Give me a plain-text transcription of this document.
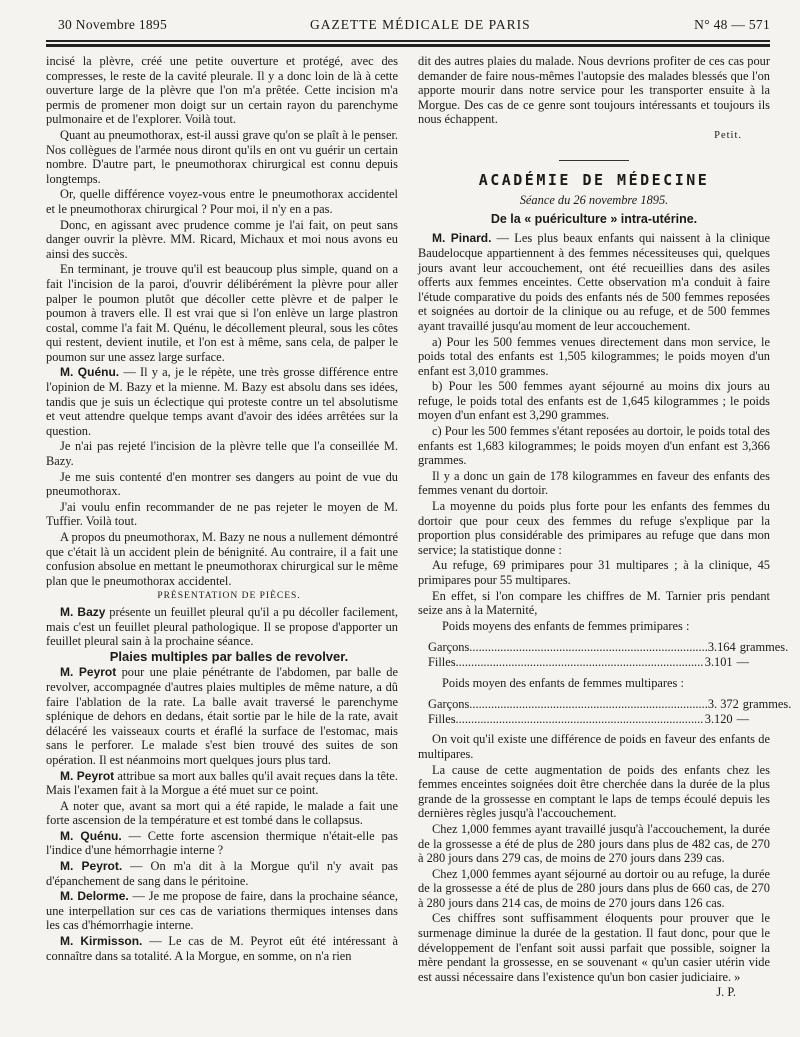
30 Novembre 1895	GAZETTE MÉDICALE DE PARIS	N° 48 — 571

incisé la plèvre, créé une petite ouverture et protégé, avec des compresses, le reste de la cavité pleurale. Il y a donc loin de là à cette ouverture large de la plèvre que l'on m'a prêtée. Cette incision m'a permis de promener mon doigt sur un certain rayon du parenchyme pulmonaire et de l'explorer. Voilà tout.

Quant au pneumothorax, est-il aussi grave qu'on se plaît à le penser. Nos collègues de l'armée nous diront qu'ils en ont vu guérir un certain nombre. D'autre part, le pneumothorax chirurgical est connu depuis longtemps.

Or, quelle différence voyez-vous entre le pneumothorax accidentel et le pneumothorax chirurgical ? Pour moi, il n'y en a pas.

Donc, en agissant avec prudence comme je l'ai fait, on peut sans danger ouvrir la plèvre. MM. Ricard, Michaux et moi nous avons eu ainsi des succès.

En terminant, je trouve qu'il est beaucoup plus simple, quand on a fait l'incision de la paroi, d'ouvrir délibérément la plèvre pour aller palper le poumon plutôt que décoller cette plèvre et de palper le poumon à travers elle. Il est vrai que si l'on enlève un large plastron costal, comme l'a fait M. Quénu, le décollement pleural, sous les côtes qui restent, devient inutile, et l'on est à même, sans cela, de palper le poumon sur une assez large surface.

M. Quénu. — Il y a, je le répète, une très grosse différence entre l'opinion de M. Bazy et la mienne. M. Bazy est absolu dans ses idées, tandis que je suis un éclectique qui proteste contre un tel absolutisme et veut attendre quelque temps avant d'avoir des idées arrêtées sur la question.

Je n'ai pas rejeté l'incision de la plèvre telle que l'a conseillée M. Bazy.

Je me suis contenté d'en montrer ses dangers au point de vue du pneumothorax.

J'ai voulu enfin recommander de ne pas rejeter le moyen de M. Tuffier. Voilà tout.

A propos du pneumothorax, M. Bazy ne nous a nullement démontré que c'était là un accident plein de bénignité. Au contraire, il a fait une confusion absolue en mettant le pneumothorax chirurgical sur le même plan que le pneumothorax accidentel.

PRÉSENTATION DE PIÈCES.

M. Bazy présente un feuillet pleural qu'il a pu décoller facilement, mais c'est un feuillet pleural pathologique. Il se propose d'apporter un feuillet pleural sain à la prochaine séance.

Plaies multiples par balles de revolver.

M. Peyrot pour une plaie pénétrante de l'abdomen, par balle de revolver, accompagnée d'autres plaies multiples de même nature, a dû faire l'ablation de la rate. La balle avait traversé le parenchyme splénique de dehors en dedans, était sortie par le hile de la rate, avait délacéré les vaisseaux courts et éraflé la surface de l'estomac, mais sans le perforer. Le malade s'est bien trouvé des suites de son opération. Il est néanmoins mort quelques jours plus tard.

M. Peyrot attribue sa mort aux balles qu'il avait reçues dans la tête. Mais l'examen fait à la Morgue a été muet sur ce point.

A noter que, avant sa mort qui a été rapide, le malade a fait une forte ascension de la température et est tombé dans le collapsus.

M. Quénu. — Cette forte ascension thermique n'était-elle pas l'indice d'une hémorrhagie interne ?

M. Peyrot. — On m'a dit à la Morgue qu'il n'y avait pas d'épanchement de sang dans le péritoine.

M. Delorme. — Je me propose de faire, dans la prochaine séance, une interpellation sur ces cas de variations thermiques intenses dans les cas d'hémorrhagie interne.

M. Kirmisson. — Le cas de M. Peyrot eût été intéressant à connaître dans sa totalité. A la Morgue, en somme, on n'a rien

dit des autres plaies du malade. Nous devrions profiter de ces cas pour demander de faire nous-mêmes l'autopsie des malades blessés que l'on apporte mourir dans notre service pour les transporter ensuite à la Morgue. Des cas de ce genre sont toujours intéressants et toujours ils nous échappent.

Petit.
ACADÉMIE DE MÉDECINE
Séance du 26 novembre 1895.
De la « puériculture » intra-utérine.

M. Pinard. — Les plus beaux enfants qui naissent à la clinique Baudelocque appartiennent à des femmes nécessiteuses qui, quelques jours avant leur accouchement, ont été recueillies dans des asiles offerts aux femmes enceintes. Cette observation m'a conduit à faire l'étude comparative du poids des enfants nés de 500 femmes reposées et soignées au dortoir de la clinique ou au refuge, et de 500 femmes ayant travaillé jusqu'au moment de leur accouchement.

a) Pour les 500 femmes venues directement dans mon service, le poids total des enfants est 1,505 kilogrammes; le poids moyen d'un enfant est 3,010 grammes.

b) Pour les 500 femmes ayant séjourné au moins dix jours au refuge, le poids total des enfants est de 1,645 kilogrammes ; le poids moyen d'un enfant est 3,290 grammes.

c) Pour les 500 femmes s'étant reposées au dortoir, le poids total des enfants est 1,683 kilogrammes; le poids moyen d'un enfant est 3,366 grammes.

Il y a donc un gain de 178 kilogrammes en faveur des enfants des femmes venant du dortoir.

La moyenne du poids plus forte pour les enfants des femmes du dortoir que pour ceux des femmes du refuge s'explique par la proportion plus considérable des primipares au refuge que dans mon service; la statistique donne :

Au refuge, 69 primipares pour 31 multipares ; à la clinique, 45 primipares pour 55 multipares.

En effet, si l'on compare les chiffres de M. Tarnier pris pendant seize ans à la Maternité,

Poids moyens des enfants de femmes primipares :

Garçons............................................................................. 3.164 grammes.
Filles................................................................................ 3.101 —

Poids moyen des enfants de femmes multipares :

Garçons............................................................................. 3. 372 grammes.
Filles................................................................................ 3.120 —

On voit qu'il existe une différence de poids en faveur des enfants de multipares.

La cause de cette augmentation de poids des enfants chez les femmes enceintes soignées doit être cherchée dans la durée de la plus grande de la grossesse en comptant le laps de temps écoulé depuis les dernières règles jusqu'à l'accouchement.

Chez 1,000 femmes ayant travaillé jusqu'à l'accouchement, la durée de la grossesse a été de plus de 280 jours dans plus de 482 cas, de 270 à 280 jours dans 279 cas, de moins de 270 jours dans 239 cas.

Chez 1,000 femmes ayant séjourné au dortoir ou au refuge, la durée de la grossesse a été de plus de 280 jours dans plus de 660 cas, de 270 à 280 jours dans 214 cas, de moins de 270 jours dans 126 cas.

Ces chiffres sont suffisamment éloquents pour prouver que le surmenage diminue la durée de la gestation. Il faut donc, pour que le développement de l'enfant soit aussi parfait que possible, soigner la mère pendant la grossesse, en se souvenant « qu'un casier utérin vide est aussi nécessaire dans l'existence qu'un bon casier judiciaire. »

J. P.
